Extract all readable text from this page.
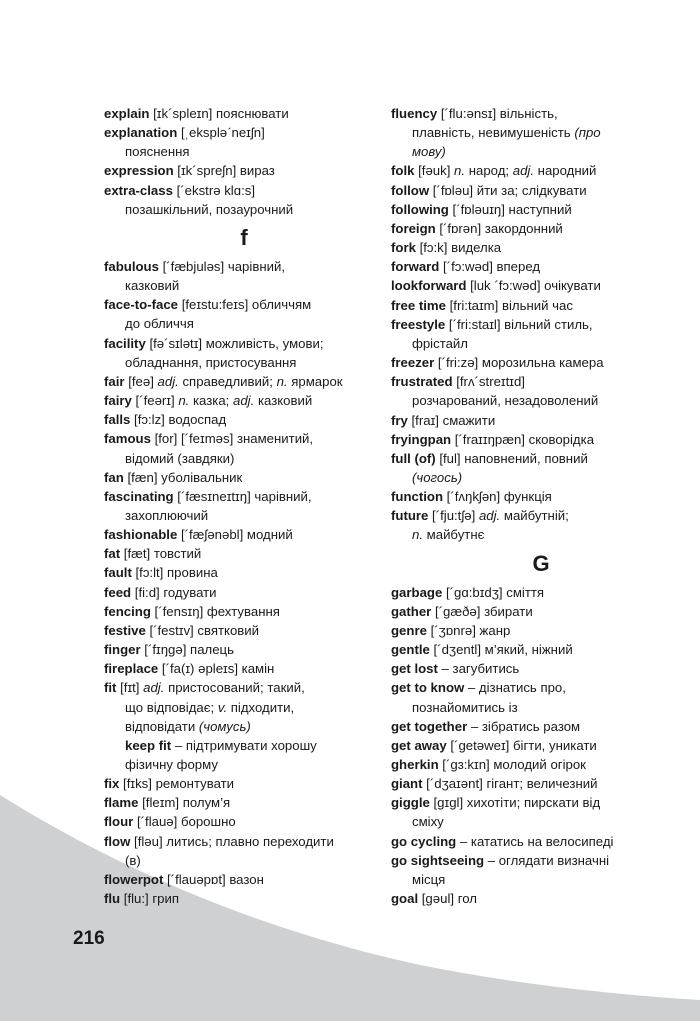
explain [ɪk´spleɪn] пояснювати
explanation [ˌekspləˊneɪʃn]
пояснення
expression [ɪk´spreʃn] вираз
extra-class [´ekstrə klɑ:s]
позашкільний, позаурочний
f
fabulous [´fæbjuləs] чарівний,
казковий
face-to-face [feɪstu:feɪs] обличчям
до обличчя
facility [fə´sɪlətɪ] можливість, умови;
обладнання, пристосування
fair [feə] adj. справедливий; n. ярмарок
fairy [´feərɪ] n. казка; adj. казковий
falls [fɔ:lz] водоспад
famous [for] [´feɪməs] знаменитий,
відомий (завдяки)
fan [fæn] уболівальник
fascinating [´fæsɪneɪtɪŋ] чарівний,
захоплюючий
fashionable [´fæʃənəbl] модний
fat [fæt] товстий
fault [fɔ:lt] провина
feed [fi:d] годувати
fencing [´fensɪŋ] фехтування
festive [´festɪv] святковий
finger [´fɪŋgə] палець
fireplace [´fa(ɪ) əpleɪs] камін
fit [fɪt] adj. пристосований; такий,
що відповідає; v. підходити,
відповідати (чомусь)
keep fit – підтримувати хорошу
фізичну форму
fix [fɪks] ремонтувати
flame [fleɪm] полум’я
flour [´flauə] борошно
flow [fləu] литись; плавно переходити
(в)
flowerpot [´flauəpɒt] вазон
flu [flu:] грип
fluency [´flu:ənsɪ] вільність,
плавність, невимушеність (про
мову)
folk [fəuk] n. народ; adj. народний
follow [´fɒləu] йти за; слідкувати
following [´fɒləuɪŋ] наступний
foreign [´fɒrən] закордонний
fork [fɔ:k] виделка
forward [´fɔ:wəd] вперед
lookforward [luk ´fɔ:wəd] очікувати
free time [fri:taɪm] вільний час
freestyle [´fri:staɪl] вільний стиль,
фрістайл
freezer [´fri:zə] морозильна камера
frustrated [frʌ´streɪtɪd]
розчарований, незадоволений
fry [fraɪ] смажити
fryingpan [´fraɪɪŋpæn] сковорідка
full (of) [ful] наповнений, повний
(чогось)
function [´fʌŋkʃən] функція
future [´fju:tʃə] adj. майбутній;
n. майбутнє
G
garbage [´gɑ:bɪdʒ] сміття
gather [´gæðə] збирати
genre [´ʒɒnrə] жанр
gentle [´dʒentl] м’який, ніжний
get lost – загубитись
get to know – дізнатись про,
познайомитись із
get together – зібратись разом
get away [´getəweɪ] бігти, уникати
gherkin [´gɜ:kɪn] молодий огірок
giant [´dʒaɪənt] гігант; величезний
giggle [gɪgl] хихотіти; пирскати від
сміху
go cycling – кататись на велосипеді
go sightseeing – оглядати визначні
місця
goal [gəul] гол
216
